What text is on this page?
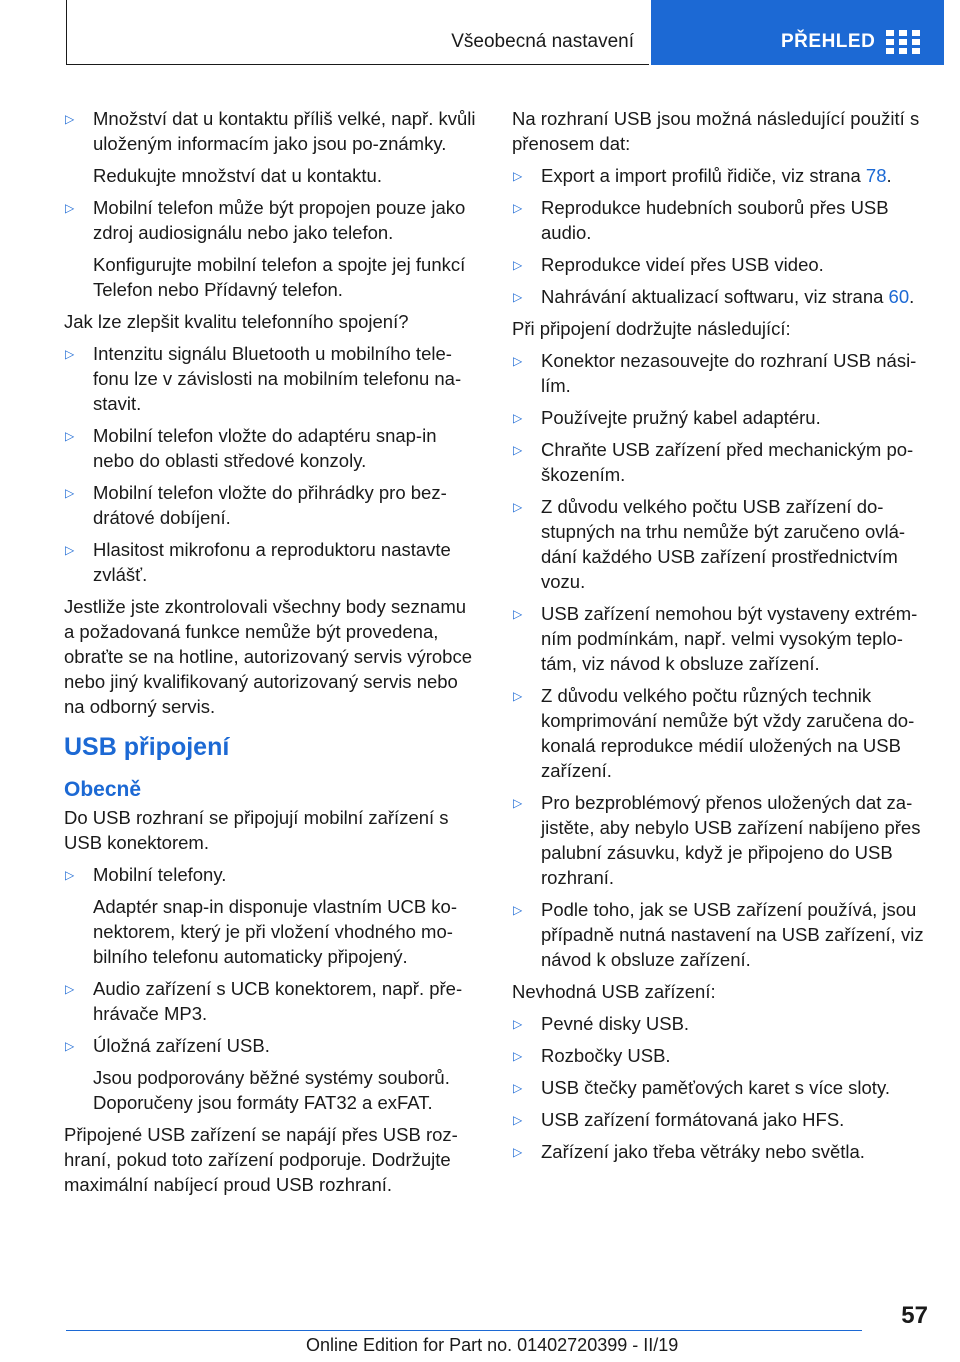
Všeobecná nastavení	PŘEHLED
▷ Množství dat u kontaktu příliš velké, např. kvůli uloženým informacím jako jsou po‐známky.
Redukujte množství dat u kontaktu.
▷ Mobilní telefon může být propojen pouze jako zdroj audiosignálu nebo jako telefon.
Konfigurujte mobilní telefon a spojte jej funkcí Telefon nebo Přídavný telefon.

Jak lze zlepšit kvalitu telefonního spojení?

▷ Intenzitu signálu Bluetooth u mobilního tele‐fonu lze v závislosti na mobilním telefonu na‐stavit.
▷ Mobilní telefon vložte do adaptéru snap-in nebo do oblasti středové konzoly.
▷ Mobilní telefon vložte do přihrádky pro bez‐drátové dobíjení.
▷ Hlasitost mikrofonu a reproduktoru nastavte zvlášť.

Jestliže jste zkontrolovali všechny body seznamu a požadovaná funkce nemůže být provedena, obraťte se na hotline, autorizovaný servis výrobce nebo jiný kvalifikovaný autorizovaný servis nebo na odborný servis.

USB připojení
Obecně

Do USB rozhraní se připojují mobilní zařízení s USB konektorem.

▷ Mobilní telefony.
Adaptér snap-in disponuje vlastním UCB ko‐nektorem, který je při vložení vhodného mo‐bilního telefonu automaticky připojený.
▷ Audio zařízení s UCB konektorem, např. pře‐hrávače MP3.
▷ Úložná zařízení USB.
Jsou podporovány běžné systémy souborů. Doporučeny jsou formáty FAT32 a exFAT.

Připojené USB zařízení se napájí přes USB roz‐hraní, pokud toto zařízení podporuje. Dodržujte maximální nabíjecí proud USB rozhraní.

Na rozhraní USB jsou možná následující použití s přenosem dat:

▷ Export a import profilů řidiče, viz strana 78.
▷ Reprodukce hudebních souborů přes USB audio.
▷ Reprodukce videí přes USB video.
▷ Nahrávání aktualizací softwaru, viz strana 60.

Při připojení dodržujte následující:

▷ Konektor nezasouvejte do rozhraní USB nási‐lím.
▷ Používejte pružný kabel adaptéru.
▷ Chraňte USB zařízení před mechanickým po‐škozením.
▷ Z důvodu velkého počtu USB zařízení do‐stupných na trhu nemůže být zaručeno ovlá‐dání každého USB zařízení prostřednictvím vozu.
▷ USB zařízení nemohou být vystaveny extrém‐ním podmínkám, např. velmi vysokým teplo‐tám, viz návod k obsluze zařízení.
▷ Z důvodu velkého počtu různých technik komprimování nemůže být vždy zaručena do‐konalá reprodukce médií uložených na USB zařízení.
▷ Pro bezproblémový přenos uložených dat za‐jistěte, aby nebylo USB zařízení nabíjeno přes palubní zásuvku, když je připojeno do USB rozhraní.
▷ Podle toho, jak se USB zařízení používá, jsou případně nutná nastavení na USB zařízení, viz návod k obsluze zařízení.

Nevhodná USB zařízení:

▷ Pevné disky USB.
▷ Rozbočky USB.
▷ USB čtečky paměťových karet s více sloty.
▷ USB zařízení formátovaná jako HFS.
▷ Zařízení jako třeba větráky nebo světla.
57
Online Edition for Part no. 01402720399 - II/19
